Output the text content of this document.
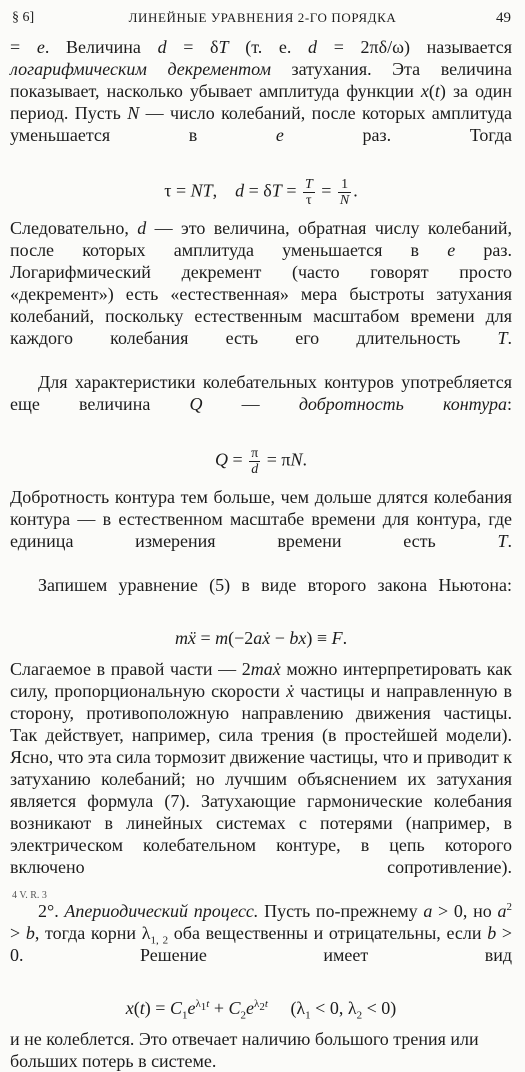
§ 6]	ЛИНЕЙНЫЕ УРАВНЕНИЯ 2-ГО ПОРЯДКА	49

= e. Величина d = δT (т. е. d = 2πδ/ω) называется логарифмическим декрементом затухания. Эта величина показывает, насколько убывает амплитуда функции x(t) за один период. Пусть N — число колебаний, после которых амплитуда уменьшается в e раз. Тогда

τ = NT,    $d = \delta T = \frac{T}{\tau} = \frac{1}{N}$ .

Следовательно, d — это величина, обратная числу колебаний, после которых амплитуда уменьшается в e раз. Логарифмический декремент (часто говорят просто «декремент») есть «естественная» мера быстроты затухания колебаний, поскольку естественным масштабом времени для каждого колебания есть его длительность T.

Для характеристики колебательных контуров употребляется еще величина Q — добротность контура:

$Q = \frac{\pi}{d} = \pi N$.

Добротность контура тем больше, чем дольше длятся колебания контура — в естественном масштабе времени для контура, где единица измерения времени есть T.

Запишем уравнение (5) в виде второго закона Ньютона:

mẍ = m(−2aẋ − bx) ≡ F.

Слагаемое в правой части — 2maẋ можно интерпретировать как силу, пропорциональную скорости ẋ частицы и направленную в сторону, противоположную направлению движения частицы. Так действует, например, сила трения (в простейшей модели). Ясно, что эта сила тормозит движение частицы, что и приводит к затуханию колебаний; но лучшим объяснением их затухания является формула (7). Затухающие гармонические колебания возникают в линейных системах с потерями (например, в электрическом колебательном контуре, в цепь которого включено сопротивление).

2°. Апериодический процесс. Пусть по-прежнему a > 0, но $a^2 > b$, тогда корни $\lambda_{1, 2}$ оба вещественны и отрицательны, если b > 0. Решение имеет вид

$x(t) = C_1e^{\lambda_1t} + C_2e^{\lambda_2t}$     ($\lambda_1 < 0$, $\lambda_2 < 0$)

и не колеблется. Это отвечает наличию большого трения или больших потерь в системе.

4 V. R. 3
